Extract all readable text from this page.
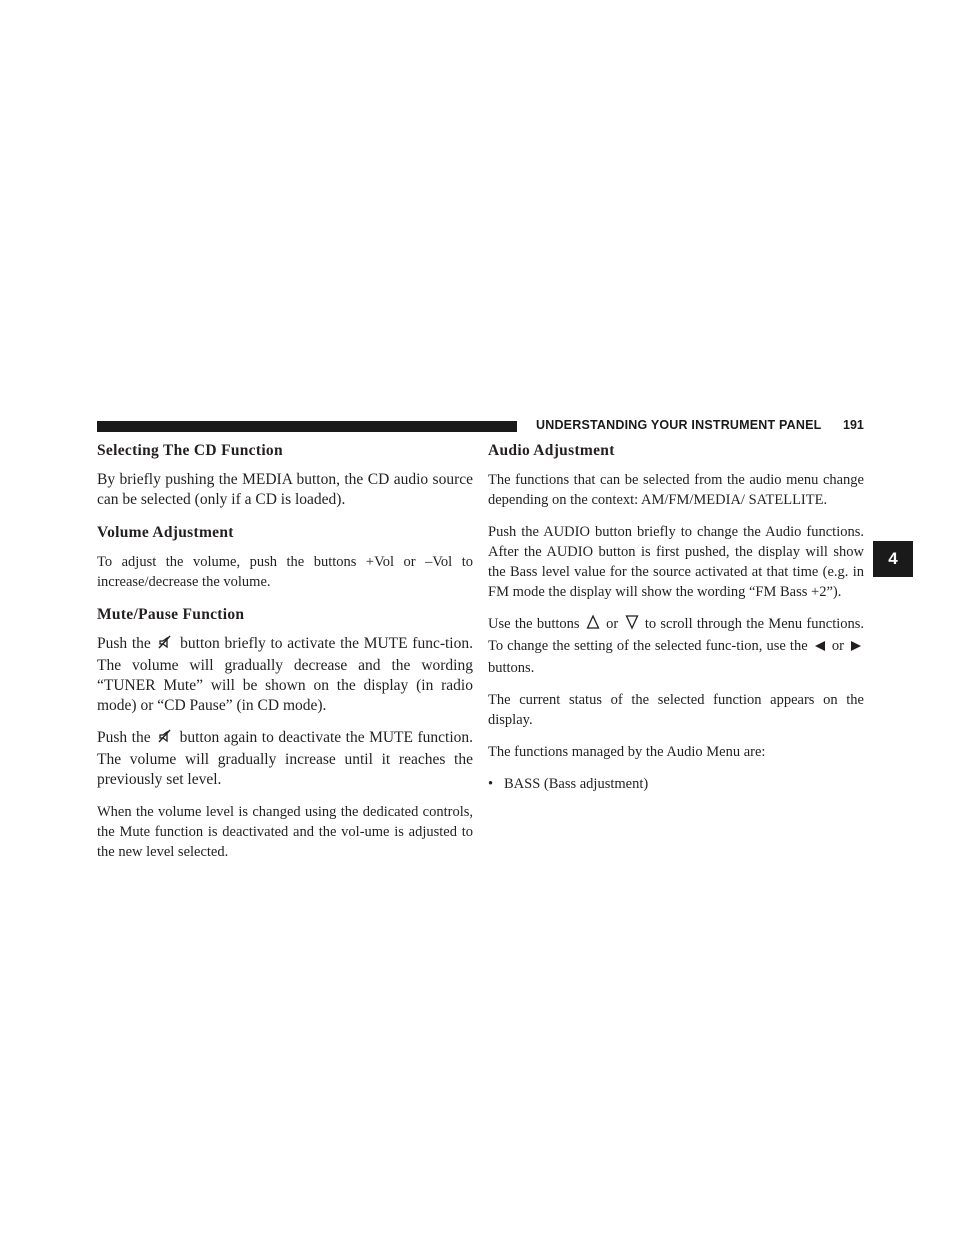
UNDERSTANDING YOUR INSTRUMENT PANEL 191
4
Selecting The CD Function

By briefly pushing the MEDIA button, the CD audio source can be selected (only if a CD is loaded).

Volume Adjustment

To adjust the volume, push the buttons +Vol or –Vol to increase/decrease the volume.

Mute/Pause Function

Push the button briefly to activate the MUTE func-tion. The volume will gradually decrease and the wording “TUNER Mute” will be shown on the display (in radio mode) or “CD Pause” (in CD mode).

Push the button again to deactivate the MUTE function. The volume will gradually increase until it reaches the previously set level.

When the volume level is changed using the dedicated controls, the Mute function is deactivated and the vol-ume is adjusted to the new level selected.

Audio Adjustment

The functions that can be selected from the audio menu change depending on the context: AM/FM/MEDIA/ SATELLITE.

Push the AUDIO button briefly to change the Audio functions. After the AUDIO button is first pushed, the display will show the Bass level value for the source activated at that time (e.g. in FM mode the display will show the wording “FM Bass +2”).

Use the buttons or to scroll through the Menu functions. To change the setting of the selected func-tion, use the or  buttons.

The current status of the selected function appears on the display.

The functions managed by the Audio Menu are:

• BASS (Bass adjustment)
